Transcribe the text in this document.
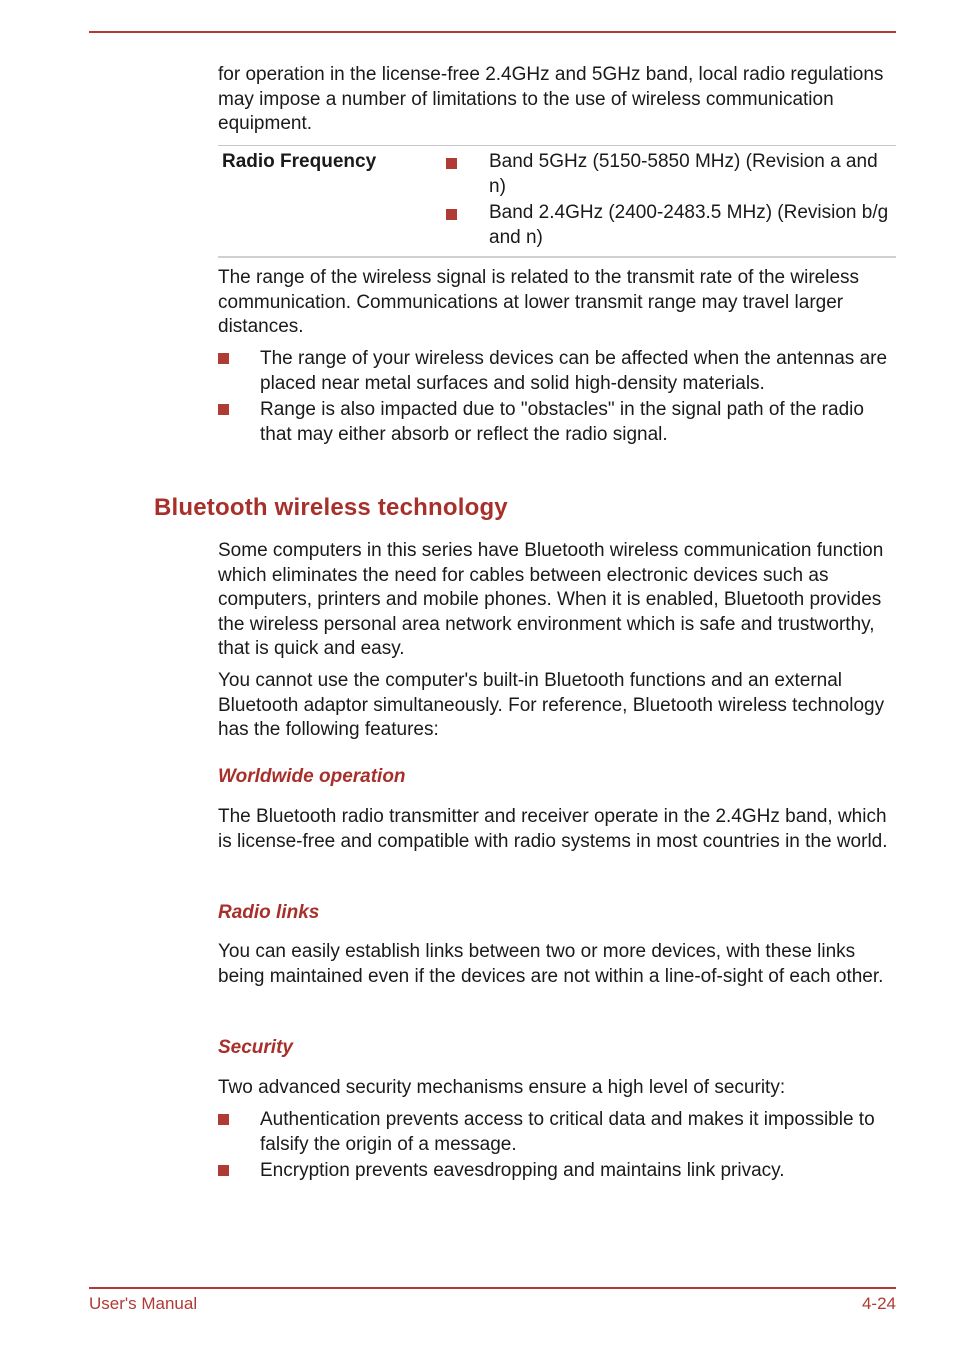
for operation in the license-free 2.4GHz and 5GHz band, local radio regulations may impose a number of limitations to the use of wireless communication equipment.

Radio Frequency	Band 5GHz (5150-5850 MHz) (Revision a and n)
Band 2.4GHz (2400-2483.5 MHz) (Revision b/g and n)

The range of the wireless signal is related to the transmit rate of the wireless communication. Communications at lower transmit range may travel larger distances.

The range of your wireless devices can be affected when the antennas are placed near metal surfaces and solid high-density materials.
Range is also impacted due to "obstacles" in the signal path of the radio that may either absorb or reflect the radio signal.
Bluetooth wireless technology

Some computers in this series have Bluetooth wireless communication function which eliminates the need for cables between electronic devices such as computers, printers and mobile phones. When it is enabled, Bluetooth provides the wireless personal area network environment which is safe and trustworthy, that is quick and easy.

You cannot use the computer's built-in Bluetooth functions and an external Bluetooth adaptor simultaneously. For reference, Bluetooth wireless technology has the following features:

Worldwide operation

The Bluetooth radio transmitter and receiver operate in the 2.4GHz band, which is license-free and compatible with radio systems in most countries in the world.

Radio links

You can easily establish links between two or more devices, with these links being maintained even if the devices are not within a line-of-sight of each other.

Security

Two advanced security mechanisms ensure a high level of security:

Authentication prevents access to critical data and makes it impossible to falsify the origin of a message.
Encryption prevents eavesdropping and maintains link privacy.
User's Manual	4-24
